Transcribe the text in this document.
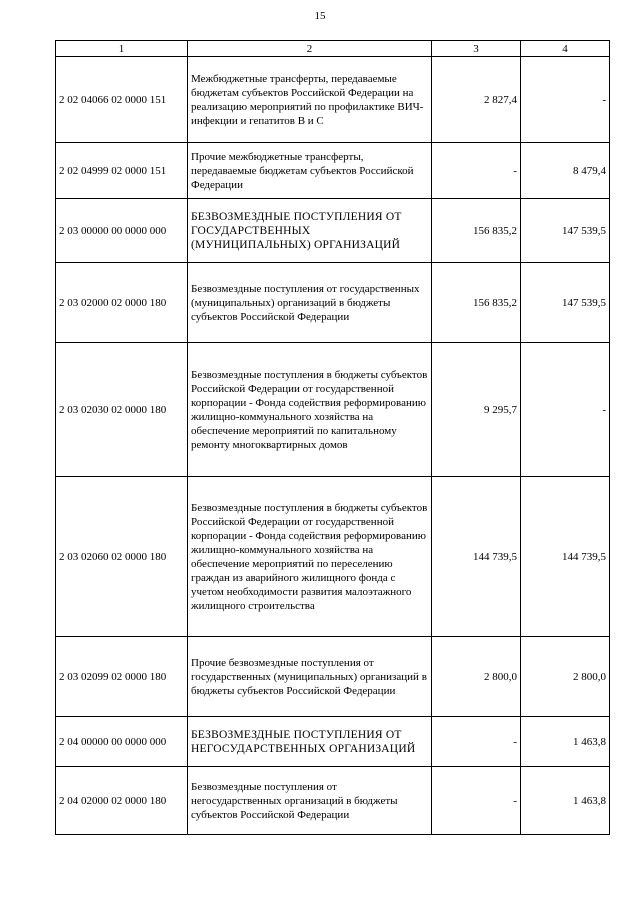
15
1	2	3	4
2 02 04066 02 0000 151	Межбюджетные трансферты, передаваемые бюджетам субъектов Российской Федерации на реализацию мероприятий по профилактике ВИЧ-инфекции и гепатитов В и С	2 827,4	-
2 02 04999 02 0000 151	Прочие межбюджетные трансферты, передаваемые бюджетам субъектов Российской Федерации	-	8 479,4
2 03 00000 00 0000 000	БЕЗВОЗМЕЗДНЫЕ ПОСТУПЛЕНИЯ ОТ ГОСУДАРСТВЕННЫХ (МУНИЦИПАЛЬНЫХ) ОРГАНИЗАЦИЙ	156 835,2	147 539,5
2 03 02000 02 0000 180	Безвозмездные поступления от государственных (муниципальных) организаций в бюджеты субъектов Российской Федерации	156 835,2	147 539,5
2 03 02030 02 0000 180	Безвозмездные поступления в бюджеты субъектов Российской Федерации от государственной корпорации - Фонда содействия реформированию жилищно-коммунального хозяйства на обеспечение мероприятий по капитальному ремонту многоквартирных домов	9 295,7	-
2 03 02060 02 0000 180	Безвозмездные поступления в бюджеты субъектов Российской Федерации от государственной корпорации - Фонда содействия реформированию жилищно-коммунального хозяйства на обеспечение мероприятий по переселению граждан из аварийного жилищного фонда с учетом необходимости развития малоэтажного жилищного строительства	144 739,5	144 739,5
2 03 02099 02 0000 180	Прочие безвозмездные поступления от государственных (муниципальных) организаций в бюджеты субъектов Российской Федерации	2 800,0	2 800,0
2 04 00000 00 0000 000	БЕЗВОЗМЕЗДНЫЕ ПОСТУПЛЕНИЯ ОТ НЕГОСУДАРСТВЕННЫХ ОРГАНИЗАЦИЙ	-	1 463,8
2 04 02000 02 0000 180	Безвозмездные поступления от негосударственных организаций в бюджеты субъектов Российской Федерации	-	1 463,8
